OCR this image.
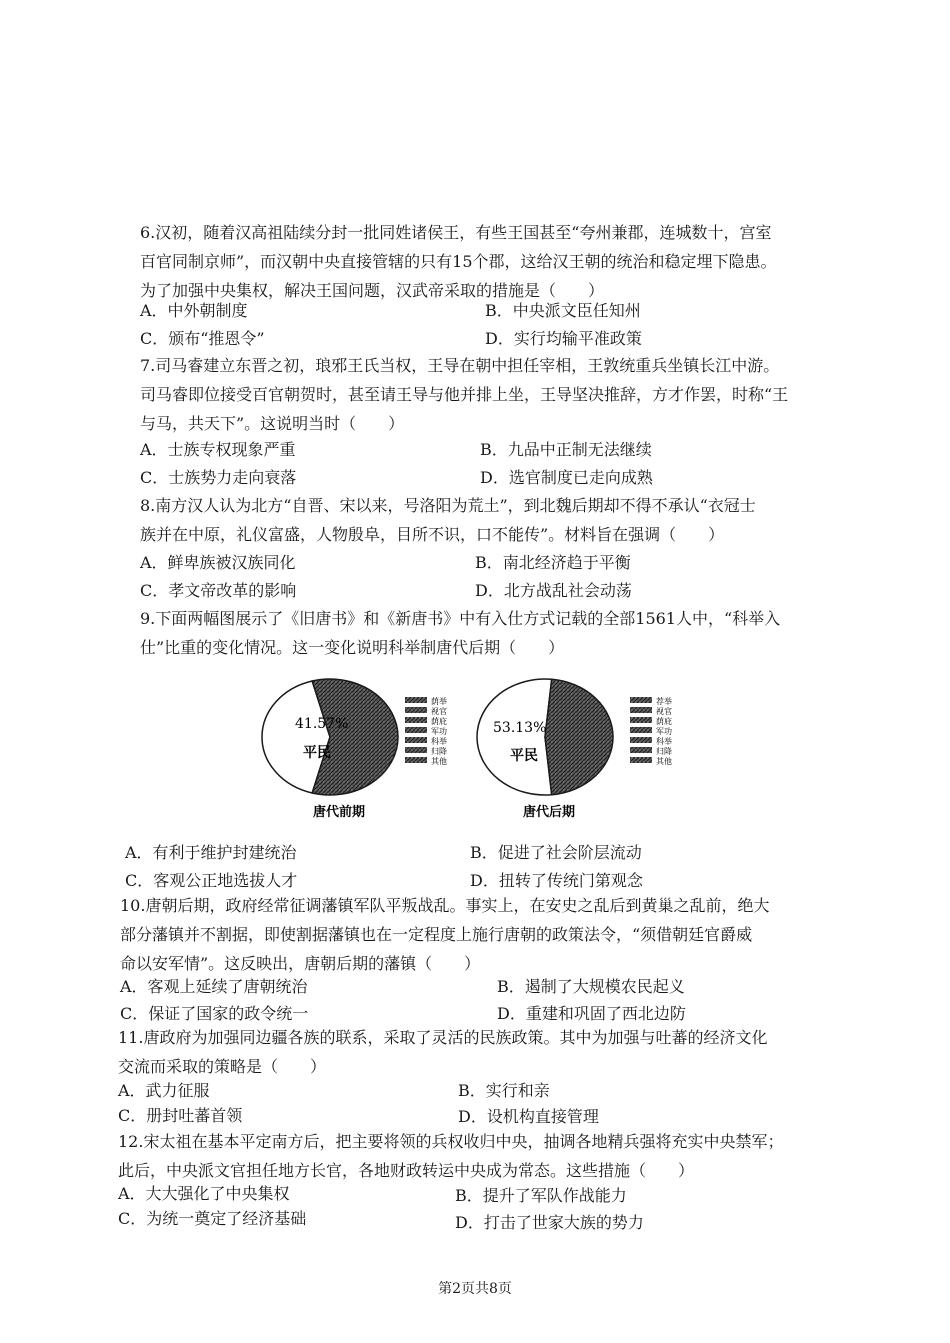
6.汉初，随着汉高祖陆续分封一批同姓诸侯王，有些王国甚至“夸州兼郡，连城数十，宫室

百官同制京师”，而汉朝中央直接管辖的只有15个郡，这给汉王朝的统治和稳定埋下隐患。

为了加强中央集权，解决王国问题，汉武帝采取的措施是（　　）

A．中外朝制度	B．中央派文臣任知州
C．颁布“推恩令”	D．实行均输平准政策

7.司马睿建立东晋之初，琅邪王氏当权，王导在朝中担任宰相，王敦统重兵坐镇长江中游。

司马睿即位接受百官朝贺时，甚至请王导与他并排上坐，王导坚决推辞，方才作罢，时称“王

与马，共天下”。这说明当时（　　）

A．士族专权现象严重	B．九品中正制无法继续
C．士族势力走向衰落	D．选官制度已走向成熟

8.南方汉人认为北方“自晋、宋以来，号洛阳为荒土”，到北魏后期却不得不承认“衣冠士

族并在中原，礼仪富盛，人物殷阜，目所不识，口不能传”。材料旨在强调（　　）

A．鲜卑族被汉族同化	B．南北经济趋于平衡
C．孝文帝改革的影响	D．北方战乱社会动荡

9.下面两幅图展示了《旧唐书》和《新唐书》中有入仕方式记载的全部1561人中，“科举入

仕”比重的变化情况。这一变化说明科举制唐代后期（　　）

41.57%
平民
荫举
视官
荫庇
军功
科举
归降
其他
唐代前期
53.13%
平民
荐举
视官
荫庇
军功
科举
归降
其他
唐代后期
A．有利于维护封建统治	B．促进了社会阶层流动
C．客观公正地选拔人才	D．扭转了传统门第观念

10.唐朝后期，政府经常征调藩镇军队平叛战乱。事实上，在安史之乱后到黄巢之乱前，绝大

部分藩镇并不割据，即使割据藩镇也在一定程度上施行唐朝的政策法令，“须借朝廷官爵威

命以安军情”。这反映出，唐朝后期的藩镇（　　）

A．客观上延续了唐朝统治	B．遏制了大规模农民起义
C．保证了国家的政令统一	D．重建和巩固了西北边防

11.唐政府为加强同边疆各族的联系，采取了灵活的民族政策。其中为加强与吐蕃的经济文化

交流而采取的策略是（　　）

A．武力征服	B．实行和亲
C．册封吐蕃首领	D．设机构直接管理

12.宋太祖在基本平定南方后，把主要将领的兵权收归中央，抽调各地精兵强将充实中央禁军；

此后，中央派文官担任地方长官，各地财政转运中央成为常态。这些措施（　　）

A．大大强化了中央集权	B．提升了军队作战能力
C．为统一奠定了经济基础	D．打击了世家大族的势力
第2页共8页
